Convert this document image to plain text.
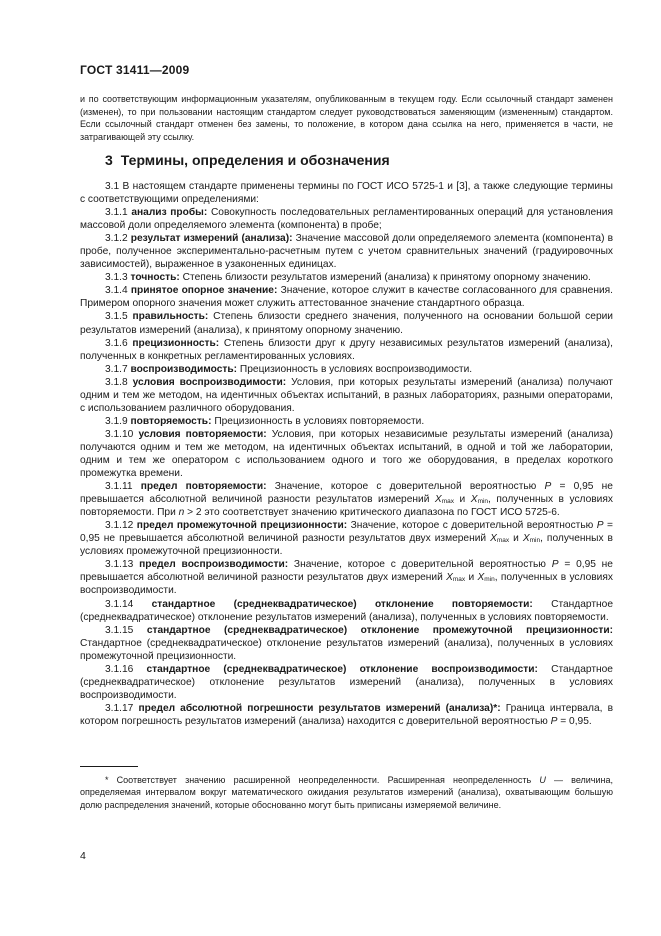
ГОСТ 31411—2009
и по соответствующим информационным указателям, опубликованным в текущем году. Если ссылочный стандарт заменен (изменен), то при пользовании настоящим стандартом следует руководствоваться заменяющим (измененным) стандартом. Если ссылочный стандарт отменен без замены, то положение, в котором дана ссылка на него, применяется в части, не затрагивающей эту ссылку.
3 Термины, определения и обозначения

3.1 В настоящем стандарте применены термины по ГОСТ ИСО 5725-1 и [3], а также следующие термины с соответствующими определениями:

3.1.1 анализ пробы: Совокупность последовательных регламентированных операций для установления массовой доли определяемого элемента (компонента) в пробе;

3.1.2 результат измерений (анализа): Значение массовой доли определяемого элемента (компонента) в пробе, полученное экспериментально-расчетным путем с учетом сравнительных значений (градуировочных зависимостей), выраженное в узаконенных единицах.

3.1.3 точность: Степень близости результатов измерений (анализа) к принятому опорному значению.

3.1.4 принятое опорное значение: Значение, которое служит в качестве согласованного для сравнения. Примером опорного значения может служить аттестованное значение стандартного образца.

3.1.5 правильность: Степень близости среднего значения, полученного на основании большой серии результатов измерений (анализа), к принятому опорному значению.

3.1.6 прецизионность: Степень близости друг к другу независимых результатов измерений (анализа), полученных в конкретных регламентированных условиях.

3.1.7 воспроизводимость: Прецизионность в условиях воспроизводимости.

3.1.8 условия воспроизводимости: Условия, при которых результаты измерений (анализа) получают одним и тем же методом, на идентичных объектах испытаний, в разных лабораториях, разными операторами, с использованием различного оборудования.

3.1.9 повторяемость: Прецизионность в условиях повторяемости.

3.1.10 условия повторяемости: Условия, при которых независимые результаты измерений (анализа) получаются одним и тем же методом, на идентичных объектах испытаний, в одной и той же лаборатории, одним и тем же оператором с использованием одного и того же оборудования, в пределах короткого промежутка времени.

3.1.11 предел повторяемости: Значение, которое с доверительной вероятностью P = 0,95 не превышается абсолютной величиной разности результатов измерений $X_{max}$ и $X_{min}$, полученных в условиях повторяемости. При n > 2 это соответствует значению критического диапазона по ГОСТ ИСО 5725-6.

3.1.12 предел промежуточной прецизионности: Значение, которое с доверительной вероятностью P = 0,95 не превышается абсолютной величиной разности результатов двух измерений $X_{max}$ и $X_{min}$, полученных в условиях промежуточной прецизионности.

3.1.13 предел воспроизводимости: Значение, которое с доверительной вероятностью P = 0,95 не превышается абсолютной величиной разности результатов двух измерений $X_{max}$ и $X_{min}$, полученных в условиях воспроизводимости.

3.1.14 стандартное (среднеквадратическое) отклонение повторяемости: Стандартное (среднеквадратическое) отклонение результатов измерений (анализа), полученных в условиях повторяемости.

3.1.15 стандартное (среднеквадратическое) отклонение промежуточной прецизионности: Стандартное (среднеквадратическое) отклонение результатов измерений (анализа), полученных в условиях промежуточной прецизионности.

3.1.16 стандартное (среднеквадратическое) отклонение воспроизводимости: Стандартное (среднеквадратическое) отклонение результатов измерений (анализа), полученных в условиях воспроизводимости.

3.1.17 предел абсолютной погрешности результатов измерений (анализа)*: Граница интервала, в котором погрешность результатов измерений (анализа) находится с доверительной вероятностью P = 0,95.

* Соответствует значению расширенной неопределенности. Расширенная неопределенность U — величина, определяемая интервалом вокруг математического ожидания результатов измерений (анализа), охватывающим большую долю распределения значений, которые обоснованно могут быть приписаны измеряемой величине.

4
